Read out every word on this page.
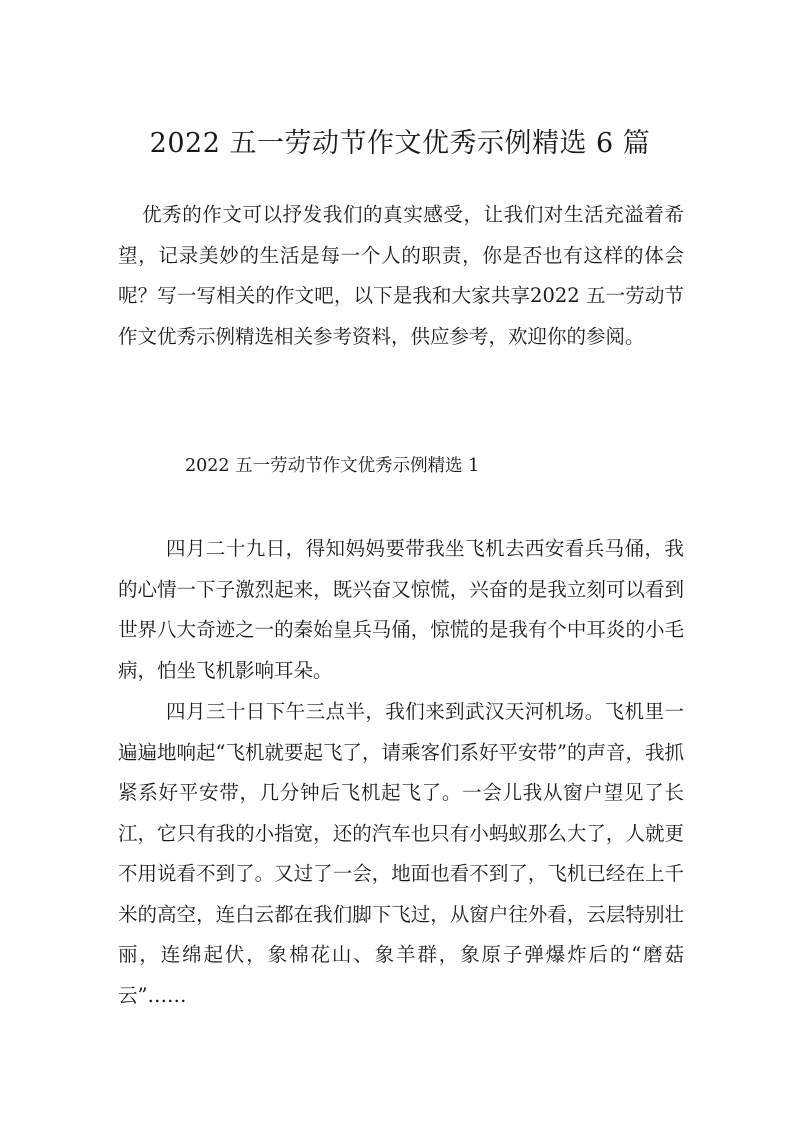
2022 五一劳动节作文优秀示例精选 6 篇

优秀的作文可以抒发我们的真实感受，让我们对生活充溢着希望，记录美妙的生活是每一个人的职责，你是否也有这样的体会呢？写一写相关的作文吧，以下是我和大家共享2022 五一劳动节作文优秀示例精选相关参考资料，供应参考，欢迎你的参阅。

2022 五一劳动节作文优秀示例精选 1

四月二十九日，得知妈妈要带我坐飞机去西安看兵马俑，我的心情一下子激烈起来，既兴奋又惊慌，兴奋的是我立刻可以看到世界八大奇迹之一的秦始皇兵马俑，惊慌的是我有个中耳炎的小毛病，怕坐飞机影响耳朵。

四月三十日下午三点半，我们来到武汉天河机场。飞机里一遍遍地响起“飞机就要起飞了，请乘客们系好平安带”的声音，我抓紧系好平安带，几分钟后飞机起飞了。一会儿我从窗户望见了长江，它只有我的小指宽，还的汽车也只有小蚂蚁那么大了，人就更不用说看不到了。又过了一会，地面也看不到了，飞机已经在上千米的高空，连白云都在我们脚下飞过，从窗户往外看，云层特别壮丽，连绵起伏，象棉花山、象羊群，象原子弹爆炸后的“磨菇云”……
